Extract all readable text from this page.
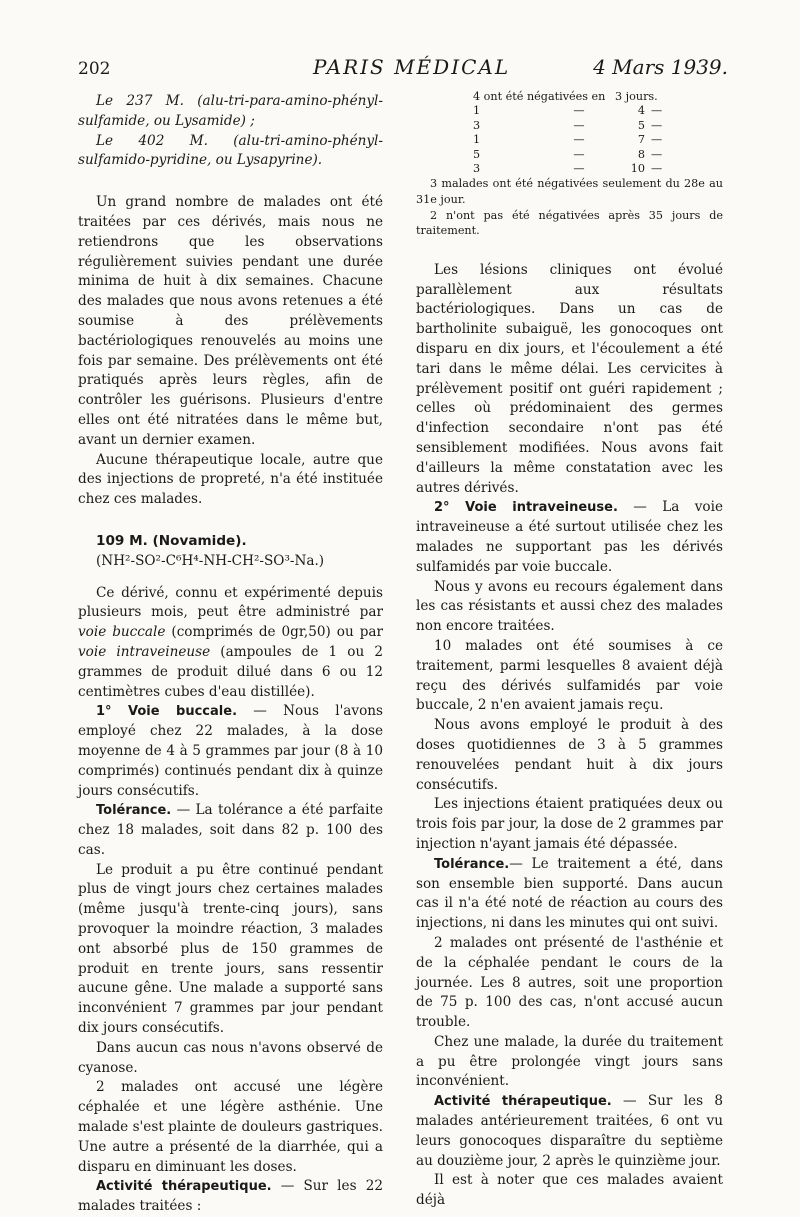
202	PARIS MÉDICAL	4 Mars 1939.

Le 237 M. (alu-tri-para-amino-phényl-sulfamide, ou Lysamide) ;

Le 402 M. (alu-tri-amino-phényl-sulfamido-pyridine, ou Lysapyrine).

Un grand nombre de malades ont été traitées par ces dérivés, mais nous ne retiendrons que les observations régulièrement suivies pendant une durée minima de huit à dix semaines. Chacune des malades que nous avons retenues a été soumise à des prélèvements bactériologiques renouvelés au moins une fois par semaine. Des prélèvements ont été pratiqués après leurs règles, afin de contrôler les guérisons. Plusieurs d'entre elles ont été nitratées dans le même but, avant un dernier examen.

Aucune thérapeutique locale, autre que des injections de propreté, n'a été instituée chez ces malades.

109 M. (Novamide).

(NH²-SO²-C⁶H⁴-NH-CH²-SO³-Na.)

Ce dérivé, connu et expérimenté depuis plusieurs mois, peut être administré par voie buccale (comprimés de 0gr,50) ou par voie intraveineuse (ampoules de 1 ou 2 grammes de produit dilué dans 6 ou 12 centimètres cubes d'eau distillée).

1° Voie buccale. — Nous l'avons employé chez 22 malades, à la dose moyenne de 4 à 5 grammes par jour (8 à 10 comprimés) continués pendant dix à quinze jours consécutifs.

Tolérance. — La tolérance a été parfaite chez 18 malades, soit dans 82 p. 100 des cas.

Le produit a pu être continué pendant plus de vingt jours chez certaines malades (même jusqu'à trente-cinq jours), sans provoquer la moindre réaction, 3 malades ont absorbé plus de 150 grammes de produit en trente jours, sans ressentir aucune gêne. Une malade a supporté sans inconvénient 7 grammes par jour pendant dix jours consécutifs.

Dans aucun cas nous n'avons observé de cyanose.

2 malades ont accusé une légère céphalée et une légère asthénie. Une malade s'est plainte de douleurs gastriques. Une autre a présenté de la diarrhée, qui a disparu en diminuant les doses.

Activité thérapeutique. — Sur les 22 malades traitées :

4 ont été négativées en		3 jours.	
1	—	4	—
3	—	5	—
1	—	7	—
5	—	8	—
3	—	10	—

3 malades ont été négativées seulement du 28e au 31e jour.

2 n'ont pas été négativées après 35 jours de traitement.

Les lésions cliniques ont évolué parallèlement aux résultats bactériologiques. Dans un cas de bartholinite subaiguë, les gonocoques ont disparu en dix jours, et l'écoulement a été tari dans le même délai. Les cervicites à prélèvement positif ont guéri rapidement ; celles où prédominaient des germes d'infection secondaire n'ont pas été sensiblement modifiées. Nous avons fait d'ailleurs la même constatation avec les autres dérivés.

2° Voie intraveineuse. — La voie intraveineuse a été surtout utilisée chez les malades ne supportant pas les dérivés sulfamidés par voie buccale.

Nous y avons eu recours également dans les cas résistants et aussi chez des malades non encore traitées.

10 malades ont été soumises à ce traitement, parmi lesquelles 8 avaient déjà reçu des dérivés sulfamidés par voie buccale, 2 n'en avaient jamais reçu.

Nous avons employé le produit à des doses quotidiennes de 3 à 5 grammes renouvelées pendant huit à dix jours consécutifs.

Les injections étaient pratiquées deux ou trois fois par jour, la dose de 2 grammes par injection n'ayant jamais été dépassée.

Tolérance.— Le traitement a été, dans son ensemble bien supporté. Dans aucun cas il n'a été noté de réaction au cours des injections, ni dans les minutes qui ont suivi.

2 malades ont présenté de l'asthénie et de la céphalée pendant le cours de la journée. Les 8 autres, soit une proportion de 75 p. 100 des cas, n'ont accusé aucun trouble.

Chez une malade, la durée du traitement a pu être prolongée vingt jours sans inconvénient.

Activité thérapeutique. — Sur les 8 malades antérieurement traitées, 6 ont vu leurs gonocoques disparaître du septième au douzième jour, 2 après le quinzième jour.

Il est à noter que ces malades avaient déjà
